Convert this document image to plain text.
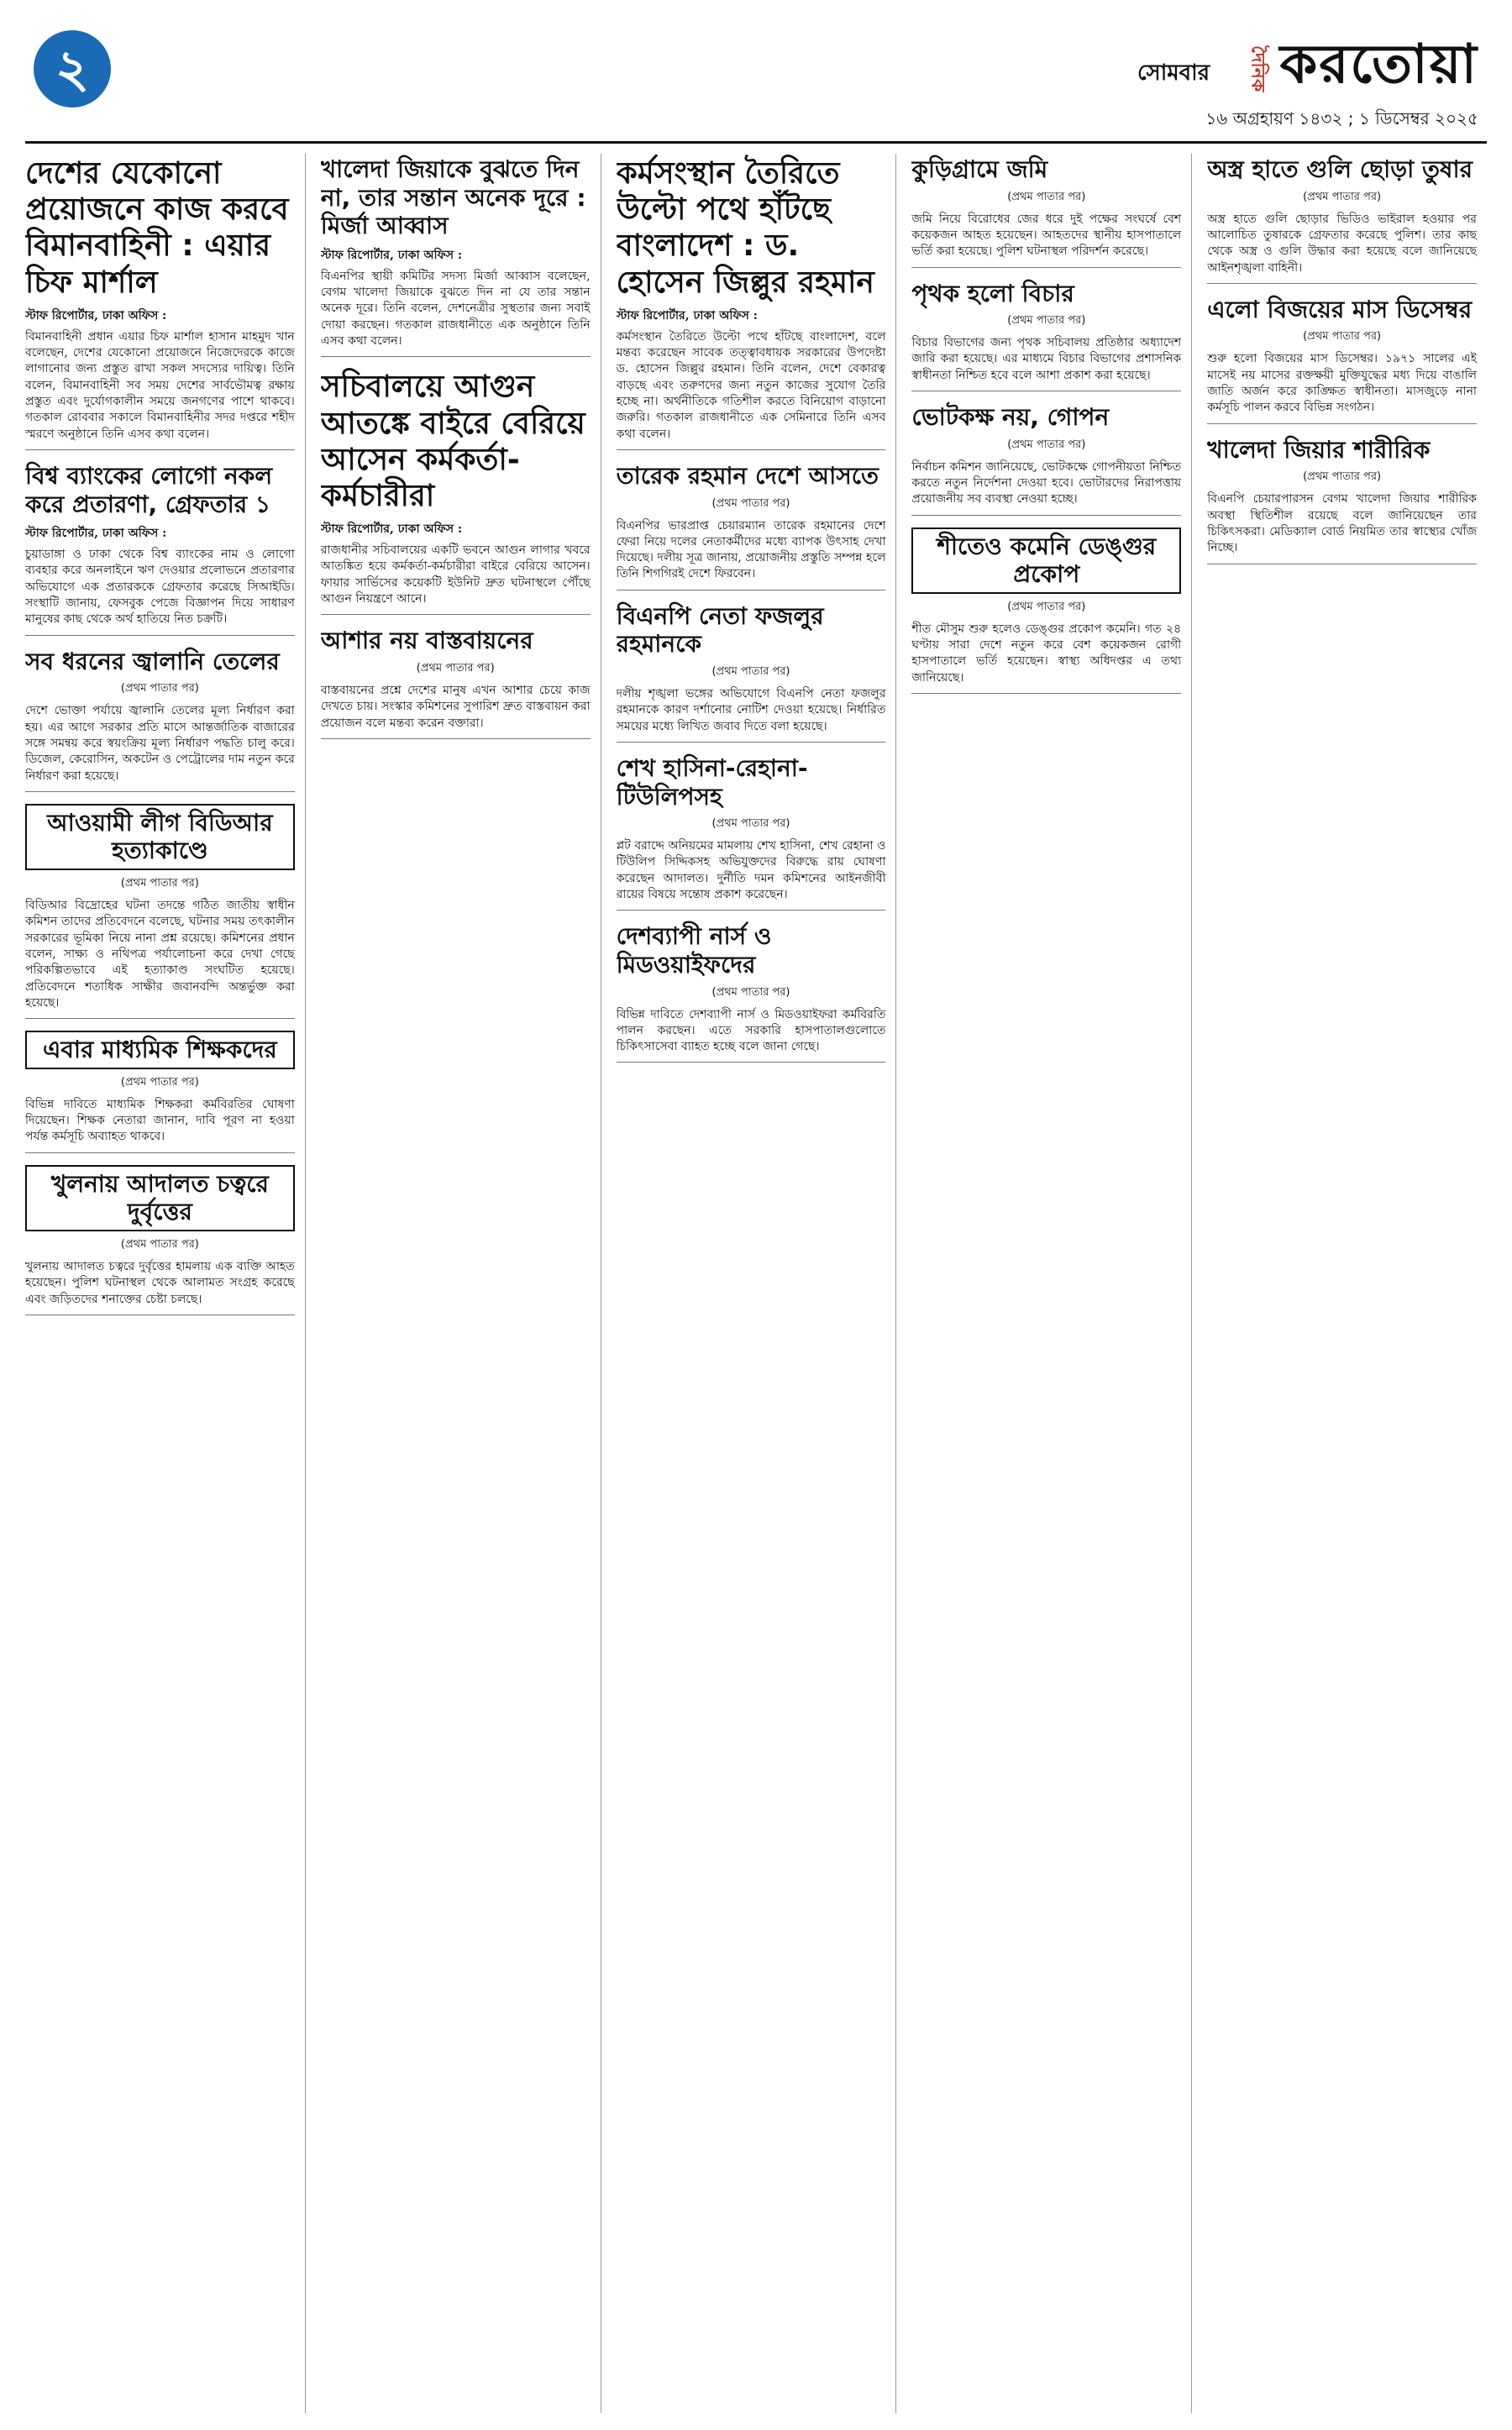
২	সোমবার দৈনিক করতোয়া
১৬ অগ্রহায়ণ ১৪৩২ ; ১ ডিসেম্বর ২০২৫
দেশের যেকোনো প্রয়োজনে কাজ করবে বিমানবাহিনী : এয়ার চিফ মার্শাল

স্টাফ রিপোর্টার, ঢাকা অফিস :

বিমানবাহিনী প্রধান এয়ার চিফ মার্শাল হাসান মাহমুদ খান বলেছেন, দেশের যেকোনো প্রয়োজনে নিজেদেরকে কাজে লাগানোর জন্য প্রস্তুত রাখা সকল সদস্যের দায়িত্ব। তিনি বলেন, বিমানবাহিনী সব সময় দেশের সার্বভৌমত্ব রক্ষায় প্রস্তুত এবং দুর্যোগকালীন সময়ে জনগণের পাশে থাকবে। গতকাল রোববার সকালে বিমানবাহিনীর সদর দপ্তরে শহীদ স্মরণে অনুষ্ঠানে তিনি এসব কথা বলেন।

বিশ্ব ব্যাংকের লোগো নকল করে প্রতারণা, গ্রেফতার ১

স্টাফ রিপোর্টার, ঢাকা অফিস :

চুয়াডাঙ্গা ও ঢাকা থেকে বিশ্ব ব্যাংকের নাম ও লোগো ব্যবহার করে অনলাইনে ঋণ দেওয়ার প্রলোভনে প্রতারণার অভিযোগে এক প্রতারককে গ্রেফতার করেছে সিআইডি। সংস্থাটি জানায়, ফেসবুক পেজে বিজ্ঞাপন দিয়ে সাধারণ মানুষের কাছ থেকে অর্থ হাতিয়ে নিত চক্রটি।

সব ধরনের জ্বালানি তেলের

(প্রথম পাতার পর)

দেশে ভোক্তা পর্যায়ে জ্বালানি তেলের মূল্য নির্ধারণ করা হয়। এর আগে সরকার প্রতি মাসে আন্তর্জাতিক বাজারের সঙ্গে সমন্বয় করে স্বয়ংক্রিয় মূল্য নির্ধারণ পদ্ধতি চালু করে। ডিজেল, কেরোসিন, অকটেন ও পেট্রোলের দাম নতুন করে নির্ধারণ করা হয়েছে।

আওয়ামী লীগ বিডিআর হত্যাকাণ্ডে

(প্রথম পাতার পর)

বিডিআর বিদ্রোহের ঘটনা তদন্তে গঠিত জাতীয় স্বাধীন কমিশন তাদের প্রতিবেদনে বলেছে, ঘটনার সময় তৎকালীন সরকারের ভূমিকা নিয়ে নানা প্রশ্ন রয়েছে। কমিশনের প্রধান বলেন, সাক্ষ্য ও নথিপত্র পর্যালোচনা করে দেখা গেছে পরিকল্পিতভাবে এই হত্যাকাণ্ড সংঘটিত হয়েছে। প্রতিবেদনে শতাধিক সাক্ষীর জবানবন্দি অন্তর্ভুক্ত করা হয়েছে।

এবার মাধ্যমিক শিক্ষকদের

(প্রথম পাতার পর)

বিভিন্ন দাবিতে মাধ্যমিক শিক্ষকরা কর্মবিরতির ঘোষণা দিয়েছেন। শিক্ষক নেতারা জানান, দাবি পূরণ না হওয়া পর্যন্ত কর্মসূচি অব্যাহত থাকবে।

খুলনায় আদালত চত্বরে দুর্বৃত্তের

(প্রথম পাতার পর)

খুলনায় আদালত চত্বরে দুর্বৃত্তের হামলায় এক ব্যক্তি আহত হয়েছেন। পুলিশ ঘটনাস্থল থেকে আলামত সংগ্রহ করেছে এবং জড়িতদের শনাক্তের চেষ্টা চলছে।

খালেদা জিয়াকে বুঝতে দিন না, তার সন্তান অনেক দূরে : মির্জা আব্বাস

স্টাফ রিপোর্টার, ঢাকা অফিস :

বিএনপির স্থায়ী কমিটির সদস্য মির্জা আব্বাস বলেছেন, বেগম খালেদা জিয়াকে বুঝতে দিন না যে তার সন্তান অনেক দূরে। তিনি বলেন, দেশনেত্রীর সুস্থতার জন্য সবাই দোয়া করছেন। গতকাল রাজধানীতে এক অনুষ্ঠানে তিনি এসব কথা বলেন।

সচিবালয়ে আগুন আতঙ্কে বাইরে বেরিয়ে আসেন কর্মকর্তা-কর্মচারীরা

স্টাফ রিপোর্টার, ঢাকা অফিস :

রাজধানীর সচিবালয়ের একটি ভবনে আগুন লাগার খবরে আতঙ্কিত হয়ে কর্মকর্তা-কর্মচারীরা বাইরে বেরিয়ে আসেন। ফায়ার সার্ভিসের কয়েকটি ইউনিট দ্রুত ঘটনাস্থলে পৌঁছে আগুন নিয়ন্ত্রণে আনে।

আশার নয় বাস্তবায়নের

(প্রথম পাতার পর)

বাস্তবায়নের প্রশ্নে দেশের মানুষ এখন আশার চেয়ে কাজ দেখতে চায়। সংস্কার কমিশনের সুপারিশ দ্রুত বাস্তবায়ন করা প্রয়োজন বলে মন্তব্য করেন বক্তারা।

কর্মসংস্থান তৈরিতে উল্টো পথে হাঁটছে বাংলাদেশ : ড. হোসেন জিল্লুর রহমান

স্টাফ রিপোর্টার, ঢাকা অফিস :

কর্মসংস্থান তৈরিতে উল্টো পথে হাঁটছে বাংলাদেশ, বলে মন্তব্য করেছেন সাবেক তত্ত্বাবধায়ক সরকারের উপদেষ্টা ড. হোসেন জিল্লুর রহমান। তিনি বলেন, দেশে বেকারত্ব বাড়ছে এবং তরুণদের জন্য নতুন কাজের সুযোগ তৈরি হচ্ছে না। অর্থনীতিকে গতিশীল করতে বিনিয়োগ বাড়ানো জরুরি। গতকাল রাজধানীতে এক সেমিনারে তিনি এসব কথা বলেন।

তারেক রহমান দেশে আসতে

(প্রথম পাতার পর)

বিএনপির ভারপ্রাপ্ত চেয়ারম্যান তারেক রহমানের দেশে ফেরা নিয়ে দলের নেতাকর্মীদের মধ্যে ব্যাপক উৎসাহ দেখা দিয়েছে। দলীয় সূত্র জানায়, প্রয়োজনীয় প্রস্তুতি সম্পন্ন হলে তিনি শিগগিরই দেশে ফিরবেন।

বিএনপি নেতা ফজলুর রহমানকে

(প্রথম পাতার পর)

দলীয় শৃঙ্খলা ভঙ্গের অভিযোগে বিএনপি নেতা ফজলুর রহমানকে কারণ দর্শানোর নোটিশ দেওয়া হয়েছে। নির্ধারিত সময়ের মধ্যে লিখিত জবাব দিতে বলা হয়েছে।

শেখ হাসিনা-রেহানা-টিউলিপসহ

(প্রথম পাতার পর)

প্লট বরাদ্দে অনিয়মের মামলায় শেখ হাসিনা, শেখ রেহানা ও টিউলিপ সিদ্দিকসহ অভিযুক্তদের বিরুদ্ধে রায় ঘোষণা করেছেন আদালত। দুর্নীতি দমন কমিশনের আইনজীবী রায়ের বিষয়ে সন্তোষ প্রকাশ করেছেন।

দেশব্যাপী নার্স ও মিডওয়াইফদের

(প্রথম পাতার পর)

বিভিন্ন দাবিতে দেশব্যাপী নার্স ও মিডওয়াইফরা কর্মবিরতি পালন করছেন। এতে সরকারি হাসপাতালগুলোতে চিকিৎসাসেবা ব্যাহত হচ্ছে বলে জানা গেছে।

কুড়িগ্রামে জমি

(প্রথম পাতার পর)

জমি নিয়ে বিরোধের জের ধরে দুই পক্ষের সংঘর্ষে বেশ কয়েকজন আহত হয়েছেন। আহতদের স্থানীয় হাসপাতালে ভর্তি করা হয়েছে। পুলিশ ঘটনাস্থল পরিদর্শন করেছে।

পৃথক হলো বিচার

(প্রথম পাতার পর)

বিচার বিভাগের জন্য পৃথক সচিবালয় প্রতিষ্ঠার অধ্যাদেশ জারি করা হয়েছে। এর মাধ্যমে বিচার বিভাগের প্রশাসনিক স্বাধীনতা নিশ্চিত হবে বলে আশা প্রকাশ করা হয়েছে।

ভোটকক্ষ নয়, গোপন

(প্রথম পাতার পর)

নির্বাচন কমিশন জানিয়েছে, ভোটকক্ষে গোপনীয়তা নিশ্চিত করতে নতুন নির্দেশনা দেওয়া হবে। ভোটারদের নিরাপত্তায় প্রয়োজনীয় সব ব্যবস্থা নেওয়া হচ্ছে।

শীতেও কমেনি ডেঙ্গুর প্রকোপ

(প্রথম পাতার পর)

শীত মৌসুম শুরু হলেও ডেঙ্গুর প্রকোপ কমেনি। গত ২৪ ঘণ্টায় সারা দেশে নতুন করে বেশ কয়েকজন রোগী হাসপাতালে ভর্তি হয়েছেন। স্বাস্থ্য অধিদপ্তর এ তথ্য জানিয়েছে।

অস্ত্র হাতে গুলি ছোড়া তুষার

(প্রথম পাতার পর)

অস্ত্র হাতে গুলি ছোড়ার ভিডিও ভাইরাল হওয়ার পর আলোচিত তুষারকে গ্রেফতার করেছে পুলিশ। তার কাছ থেকে অস্ত্র ও গুলি উদ্ধার করা হয়েছে বলে জানিয়েছে আইনশৃঙ্খলা বাহিনী।

এলো বিজয়ের মাস ডিসেম্বর

(প্রথম পাতার পর)

শুরু হলো বিজয়ের মাস ডিসেম্বর। ১৯৭১ সালের এই মাসেই নয় মাসের রক্তক্ষয়ী মুক্তিযুদ্ধের মধ্য দিয়ে বাঙালি জাতি অর্জন করে কাঙ্ক্ষিত স্বাধীনতা। মাসজুড়ে নানা কর্মসূচি পালন করবে বিভিন্ন সংগঠন।

খালেদা জিয়ার শারীরিক

(প্রথম পাতার পর)

বিএনপি চেয়ারপারসন বেগম খালেদা জিয়ার শারীরিক অবস্থা স্থিতিশীল রয়েছে বলে জানিয়েছেন তার চিকিৎসকরা। মেডিক্যাল বোর্ড নিয়মিত তার স্বাস্থ্যের খোঁজ নিচ্ছে।
